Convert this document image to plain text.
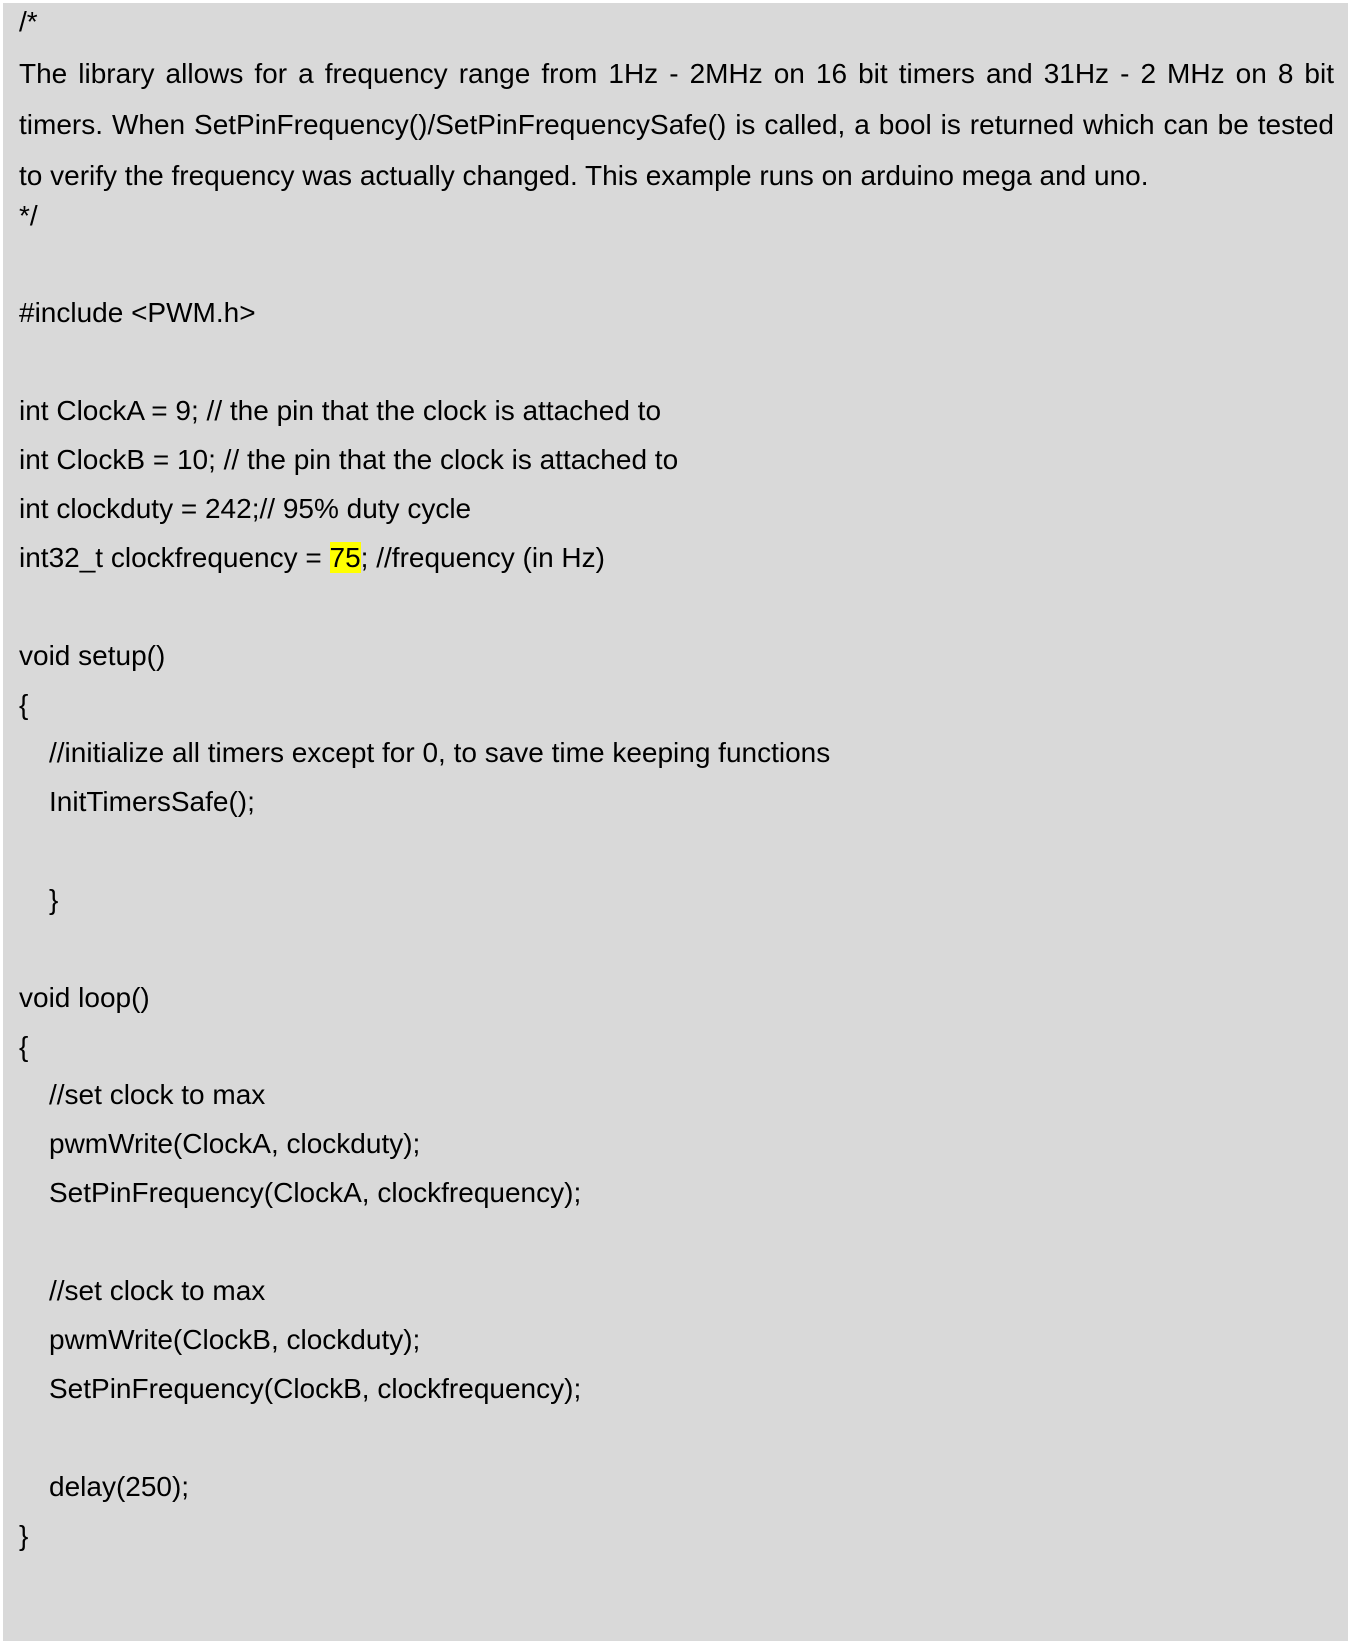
/*
The library allows for a frequency range from 1Hz - 2MHz on 16 bit timers and 31Hz - 2 MHz on 8 bit timers. When SetPinFrequency()/SetPinFrequencySafe() is called, a bool is returned which can be tested to verify the frequency was actually changed. This example runs on arduino mega and uno.
*/
#include <PWM.h>
int ClockA = 9; // the pin that the clock is attached to
int ClockB = 10; // the pin that the clock is attached to
int clockduty = 242;// 95% duty cycle
int32_t clockfrequency = 75; //frequency (in Hz)
void setup()
{
//initialize all timers except for 0, to save time keeping functions
InitTimersSafe();
}
void loop()
{
//set clock to max
pwmWrite(ClockA, clockduty);
SetPinFrequency(ClockA, clockfrequency);
//set clock to max
pwmWrite(ClockB, clockduty);
SetPinFrequency(ClockB, clockfrequency);
delay(250);
}
